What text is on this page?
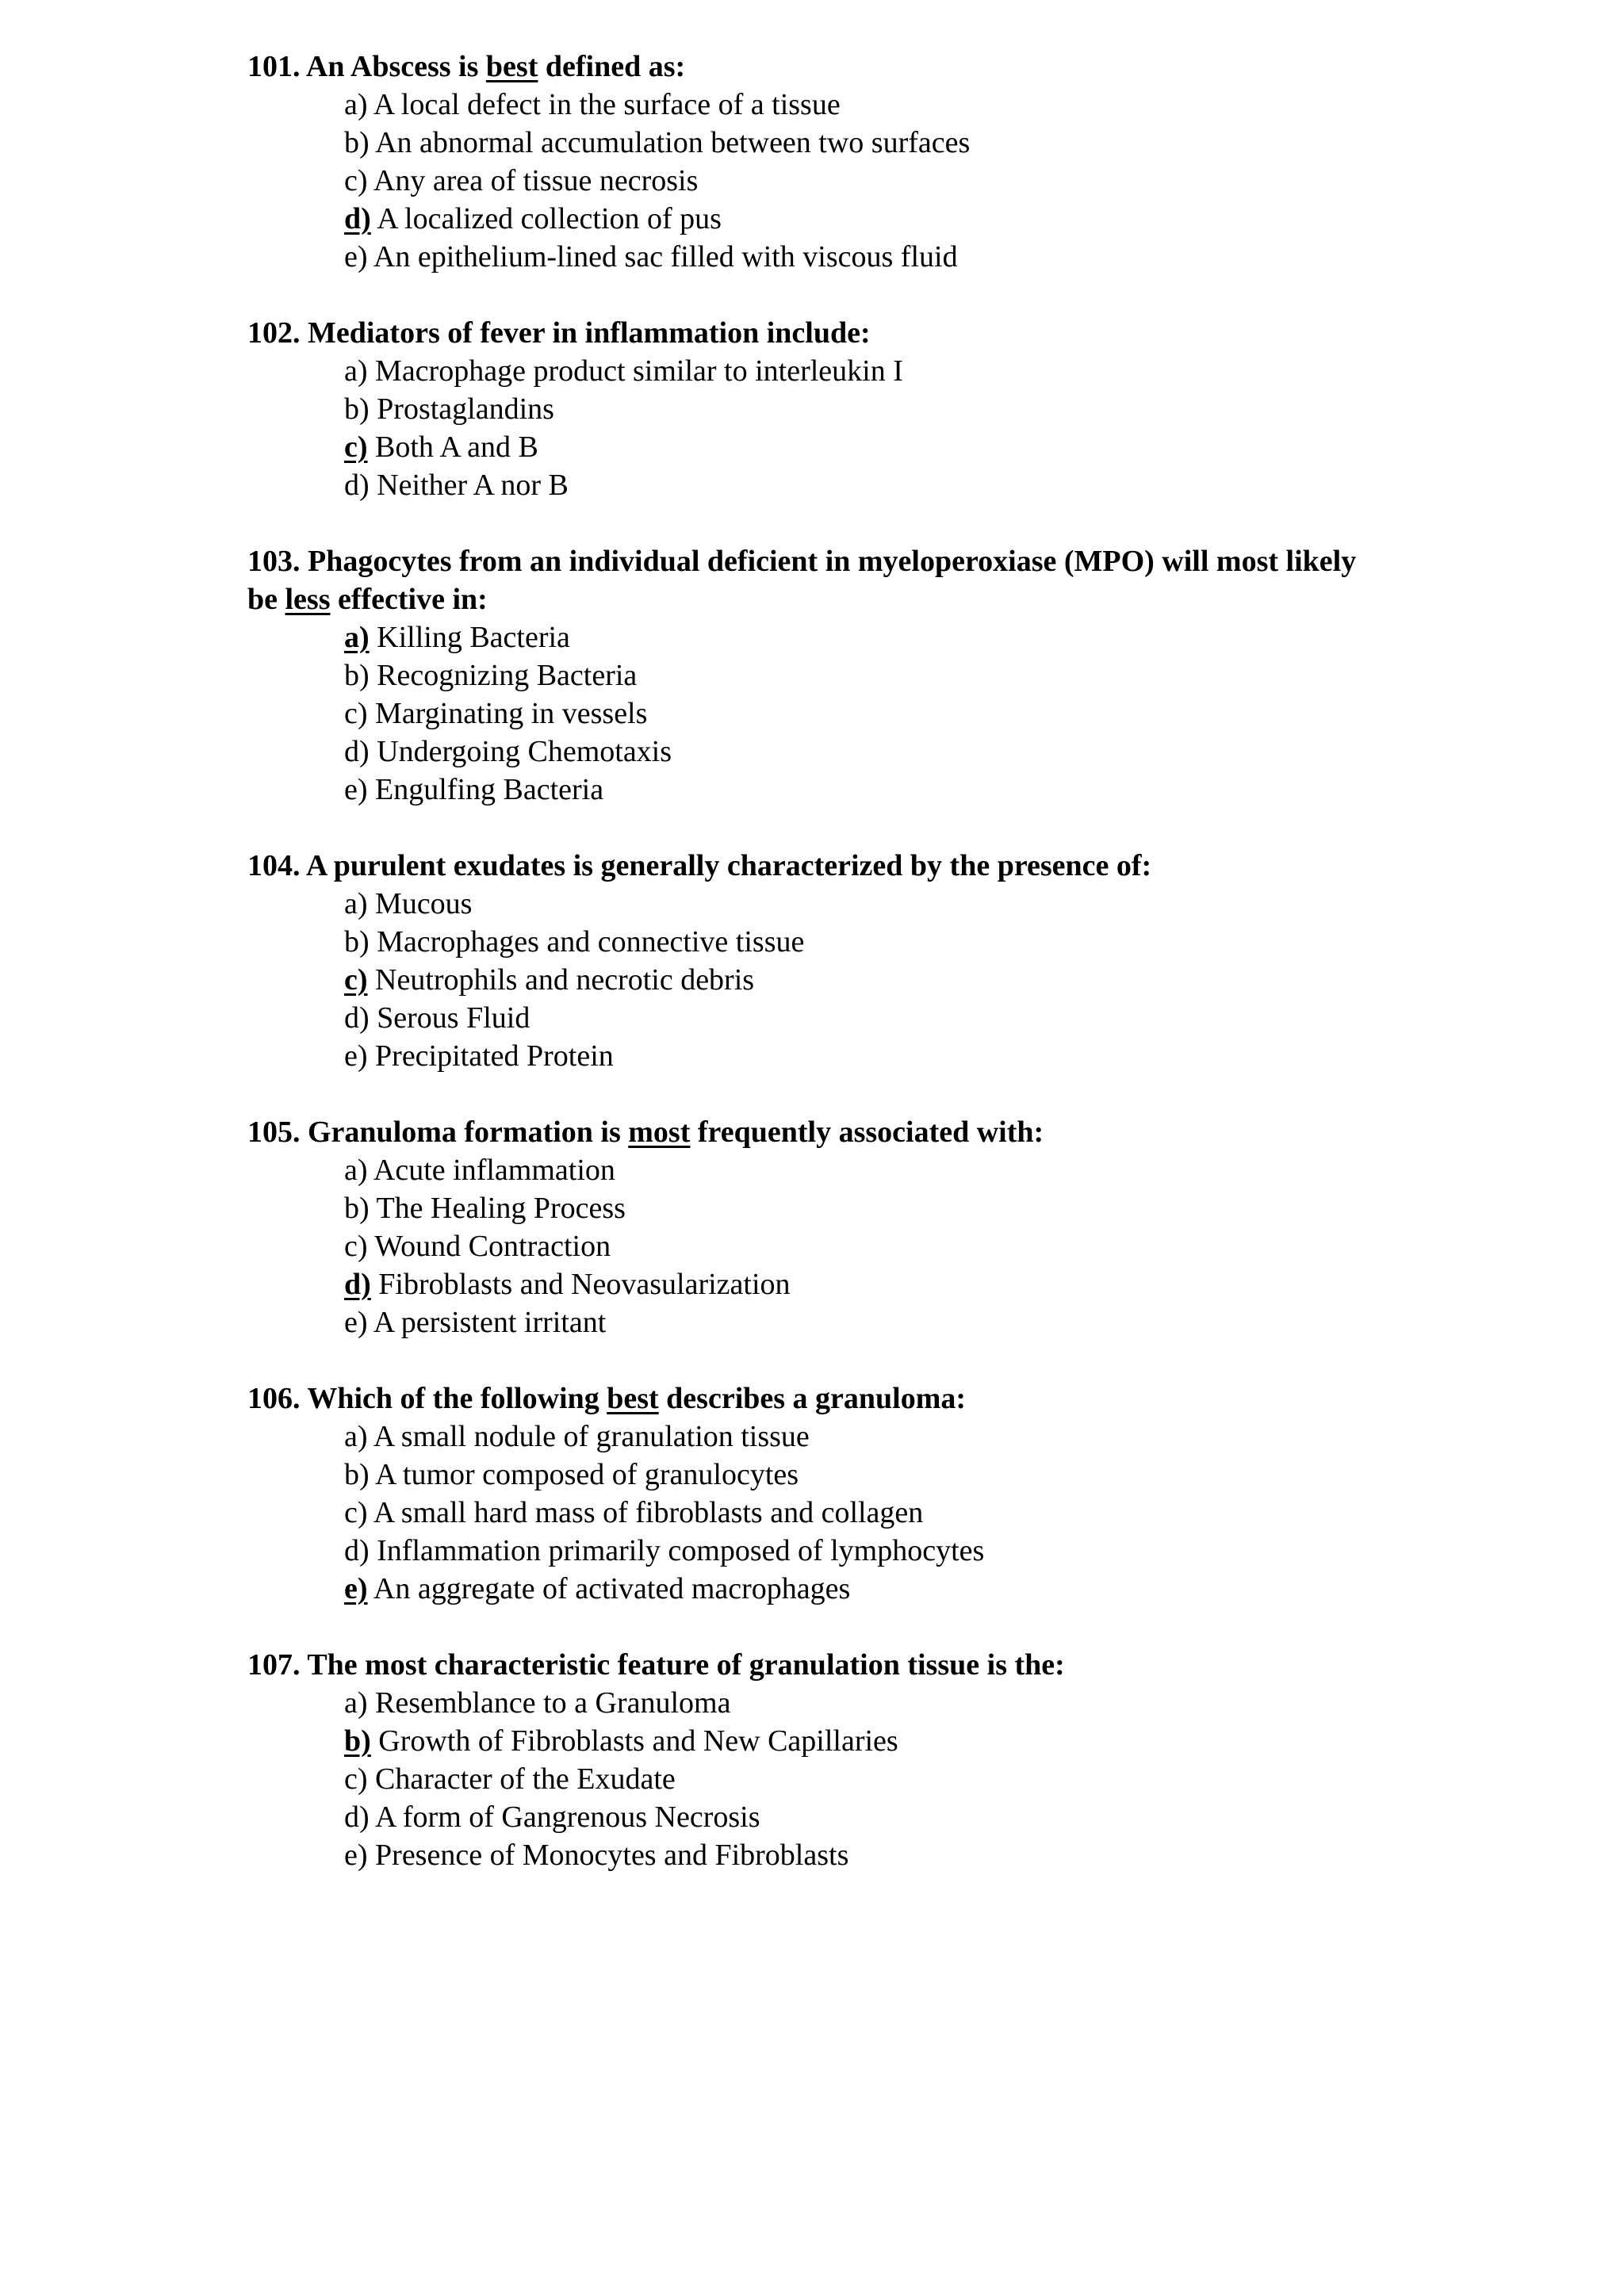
101. An Abscess is best defined as:

a) A local defect in the surface of a tissue
b) An abnormal accumulation between two surfaces
c) Any area of tissue necrosis
d) A localized collection of pus
e) An epithelium-lined sac filled with viscous fluid

102. Mediators of fever in inflammation include:

a) Macrophage product similar to interleukin I
b) Prostaglandins
c) Both A and B
d) Neither A nor B

103. Phagocytes from an individual deficient in myeloperoxiase (MPO) will most likely be less effective in:

a) Killing Bacteria
b) Recognizing Bacteria
c) Marginating in vessels
d) Undergoing Chemotaxis
e) Engulfing Bacteria

104. A purulent exudates is generally characterized by the presence of:

a) Mucous
b) Macrophages and connective tissue
c) Neutrophils and necrotic debris
d) Serous Fluid
e) Precipitated Protein

105. Granuloma formation is most frequently associated with:

a) Acute inflammation
b) The Healing Process
c) Wound Contraction
d) Fibroblasts and Neovasularization
e) A persistent irritant

106. Which of the following best describes a granuloma:

a) A small nodule of granulation tissue
b) A tumor composed of granulocytes
c) A small hard mass of fibroblasts and collagen
d) Inflammation primarily composed of lymphocytes
e) An aggregate of activated macrophages

107. The most characteristic feature of granulation tissue is the:

a) Resemblance to a Granuloma
b) Growth of Fibroblasts and New Capillaries
c) Character of the Exudate
d) A form of Gangrenous Necrosis
e) Presence of Monocytes and Fibroblasts
